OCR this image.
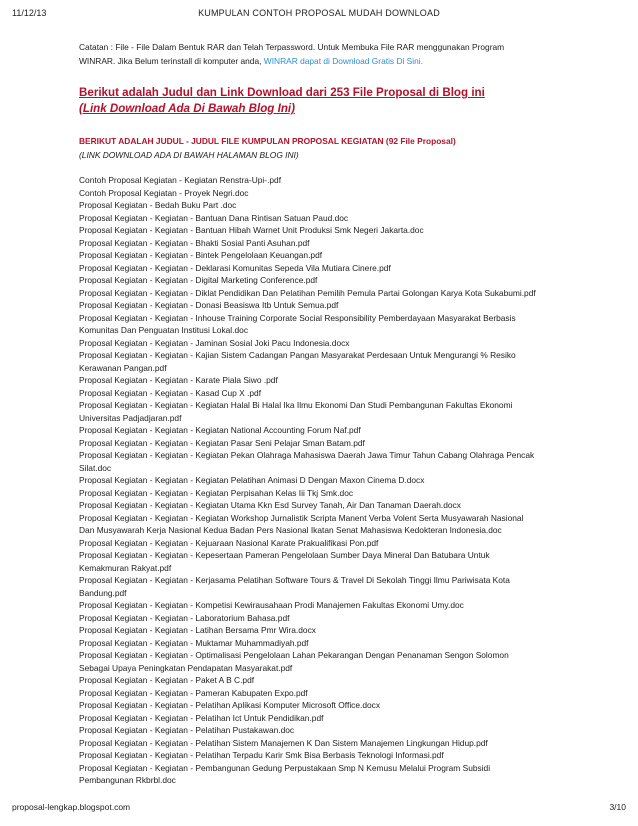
11/12/13	KUMPULAN CONTOH PROPOSAL MUDAH DOWNLOAD

Catatan : File - File Dalam Bentuk RAR dan Telah Terpassword. Untuk Membuka File RAR menggunakan Program
WINRAR. Jika Belum terinstall di komputer anda, WINRAR dapat di Download Gratis Di Sini.

Berikut adalah Judul dan Link Download dari 253 File Proposal di Blog ini
(Link Download Ada Di Bawah Blog Ini)
BERIKUT ADALAH JUDUL - JUDUL FILE KUMPULAN PROPOSAL KEGIATAN (92 File Proposal)
(LINK DOWNLOAD ADA DI BAWAH HALAMAN BLOG INI)
Contoh Proposal Kegiatan - Kegiatan Renstra-Upi-.pdf
Contoh Proposal Kegiatan - Proyek Negri.doc
Proposal Kegiatan - Bedah Buku Part .doc
Proposal Kegiatan - Kegiatan - Bantuan Dana Rintisan Satuan Paud.doc
Proposal Kegiatan - Kegiatan - Bantuan Hibah Warnet Unit Produksi Smk Negeri Jakarta.doc
Proposal Kegiatan - Kegiatan - Bhakti Sosial Panti Asuhan.pdf
Proposal Kegiatan - Kegiatan - Bintek Pengelolaan Keuangan.pdf
Proposal Kegiatan - Kegiatan - Deklarasi Komunitas Sepeda Vila Mutiara Cinere.pdf
Proposal Kegiatan - Kegiatan - Digital Marketing Conference.pdf
Proposal Kegiatan - Kegiatan - Diklat Pendidikan Dan Pelatihan Pemilih Pemula Partai Golongan Karya Kota Sukabumi.pdf
Proposal Kegiatan - Kegiatan - Donasi Beasiswa Itb Untuk Semua.pdf
Proposal Kegiatan - Kegiatan - Inhouse Training Corporate Social Responsibility Pemberdayaan Masyarakat Berbasis
Komunitas Dan Penguatan Institusi Lokal.doc
Proposal Kegiatan - Kegiatan - Jaminan Sosial Joki Pacu Indonesia.docx
Proposal Kegiatan - Kegiatan - Kajian Sistem Cadangan Pangan Masyarakat Perdesaan Untuk Mengurangi % Resiko
Kerawanan Pangan.pdf
Proposal Kegiatan - Kegiatan - Karate Piala Siwo .pdf
Proposal Kegiatan - Kegiatan - Kasad Cup X .pdf
Proposal Kegiatan - Kegiatan - Kegiatan Halal Bi Halal Ika Ilmu Ekonomi Dan Studi Pembangunan Fakultas Ekonomi
Universitas Padjadjaran.pdf
Proposal Kegiatan - Kegiatan - Kegiatan National Accounting Forum Naf.pdf
Proposal Kegiatan - Kegiatan - Kegiatan Pasar Seni Pelajar Sman Batam.pdf
Proposal Kegiatan - Kegiatan - Kegiatan Pekan Olahraga Mahasiswa Daerah Jawa Timur Tahun Cabang Olahraga Pencak
Silat.doc
Proposal Kegiatan - Kegiatan - Kegiatan Pelatihan Animasi D Dengan Maxon Cinema D.docx
Proposal Kegiatan - Kegiatan - Kegiatan Perpisahan Kelas Iii Tkj Smk.doc
Proposal Kegiatan - Kegiatan - Kegiatan Utama Kkn Esd Survey Tanah, Air Dan Tanaman Daerah.docx
Proposal Kegiatan - Kegiatan - Kegiatan Workshop Jurnalistik Scripta Manent Verba Volent Serta Musyawarah Nasional
Dan Musyawarah Kerja Nasional Kedua Badan Pers Nasional Ikatan Senat Mahasiswa Kedokteran Indonesia.doc
Proposal Kegiatan - Kegiatan - Kejuaraan Nasional Karate Prakualifikasi Pon.pdf
Proposal Kegiatan - Kegiatan - Kepesertaan Pameran Pengelolaan Sumber Daya Mineral Dan Batubara Untuk
Kemakmuran Rakyat.pdf
Proposal Kegiatan - Kegiatan - Kerjasama Pelatihan Software Tours & Travel Di Sekolah Tinggi Ilmu Pariwisata Kota
Bandung.pdf
Proposal Kegiatan - Kegiatan - Kompetisi Kewirausahaan Prodi Manajemen Fakultas Ekonomi Umy.doc
Proposal Kegiatan - Kegiatan - Laboratorium Bahasa.pdf
Proposal Kegiatan - Kegiatan - Latihan Bersama Pmr Wira.docx
Proposal Kegiatan - Kegiatan - Muktamar Muhammadiyah.pdf
Proposal Kegiatan - Kegiatan - Optimalisasi Pengelolaan Lahan Pekarangan Dengan Penanaman Sengon Solomon
Sebagai Upaya Peningkatan Pendapatan Masyarakat.pdf
Proposal Kegiatan - Kegiatan - Paket A B C.pdf
Proposal Kegiatan - Kegiatan - Pameran Kabupaten Expo.pdf
Proposal Kegiatan - Kegiatan - Pelatihan Aplikasi Komputer Microsoft Office.docx
Proposal Kegiatan - Kegiatan - Pelatihan Ict Untuk Pendidikan.pdf
Proposal Kegiatan - Kegiatan - Pelatihan Pustakawan.doc
Proposal Kegiatan - Kegiatan - Pelatihan Sistem Manajemen K Dan Sistem Manajemen Lingkungan Hidup.pdf
Proposal Kegiatan - Kegiatan - Pelatihan Terpadu Karir Smk Bisa Berbasis Teknologi Informasi.pdf
Proposal Kegiatan - Kegiatan - Pembangunan Gedung Perpustakaan Smp N Kemusu Melalui Program Subsidi
Pembangunan Rkbrbl.doc
proposal-lengkap.blogspot.com	3/10
